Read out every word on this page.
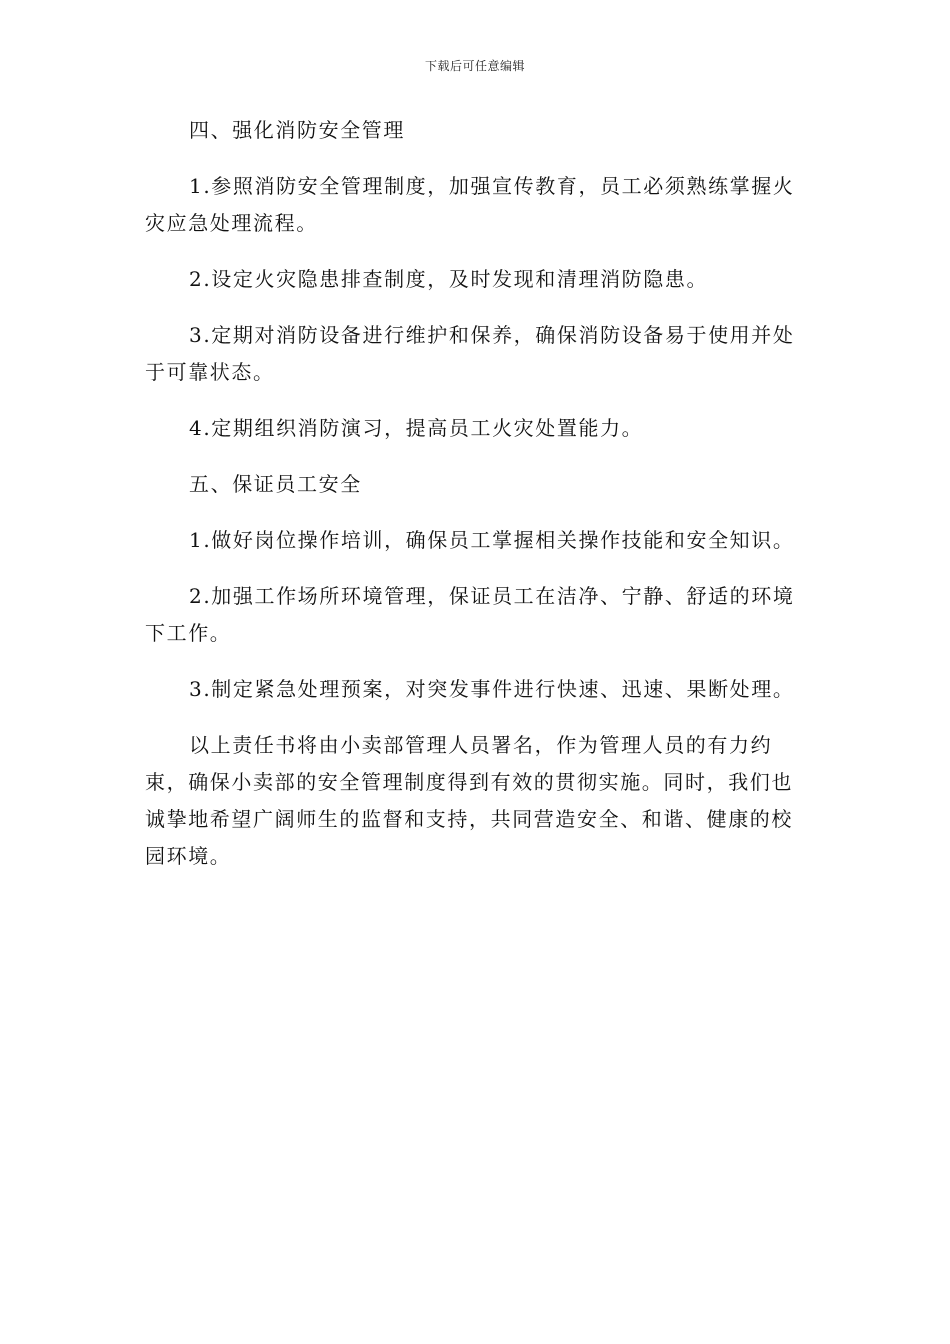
下载后可任意编辑

四、强化消防安全管理

1.参照消防安全管理制度，加强宣传教育，员工必须熟练掌握火灾应急处理流程。

2.设定火灾隐患排查制度，及时发现和清理消防隐患。

3.定期对消防设备进行维护和保养，确保消防设备易于使用并处于可靠状态。

4.定期组织消防演习，提高员工火灾处置能力。

五、保证员工安全

1.做好岗位操作培训，确保员工掌握相关操作技能和安全知识。

2.加强工作场所环境管理，保证员工在洁净、宁静、舒适的环境下工作。

3.制定紧急处理预案，对突发事件进行快速、迅速、果断处理。

以上责任书将由小卖部管理人员署名，作为管理人员的有力约束，确保小卖部的安全管理制度得到有效的贯彻实施。同时，我们也诚挚地希望广阔师生的监督和支持，共同营造安全、和谐、健康的校园环境。
